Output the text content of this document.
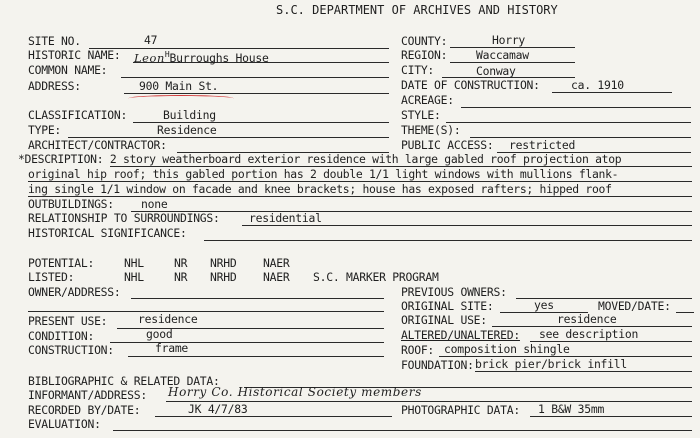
S.C. DEPARTMENT OF ARCHIVES AND HISTORY
SITE NO.	47
HISTORIC NAME: Leon$^H$Burroughs House
COMMON NAME:
ADDRESS:	900 Main St.
CLASSIFICATION:	Building
TYPE:	Residence
ARCHITECT/CONTRACTOR:
COUNTY:	Horry
REGION:	Waccamaw
CITY:	Conway
DATE OF CONSTRUCTION:	ca. 1910
ACREAGE:
STYLE:
THEME(S):
PUBLIC ACCESS: restricted
*DESCRIPTION: 2 story weatherboard exterior residence with large gabled roof projection atop
original hip roof; this gabled portion has 2 double 1/1 light windows with mullions flank-
ing single 1/1 window on facade and knee brackets; house has exposed rafters; hipped roof
OUTBUILDINGS: none
RELATIONSHIP TO SURROUNDINGS:	residential
HISTORICAL SIGNIFICANCE:
POTENTIAL:	NHL	NR NRHD NAER
LISTED:	NHL	NR NRHD NAER S.C. MARKER PROGRAM
OWNER/ADDRESS:	PREVIOUS OWNERS:
ORIGINAL SITE:	yes	MOVED/DATE:
ORIGINAL USE:	residence
ALTERED/UNALTERED: see description
ROOF: composition shingle
FOUNDATION: brick pier/brick infill
PRESENT USE:	residence
CONDITION:	good
CONSTRUCTION:	frame
BIBLIOGRAPHIC & RELATED DATA:
INFORMANT/ADDRESS: Horry Co. Historical Society members
RECORDED BY/DATE:	JK 4/7/83	PHOTOGRAPHIC DATA: 1 B&W 35mm
EVALUATION:
